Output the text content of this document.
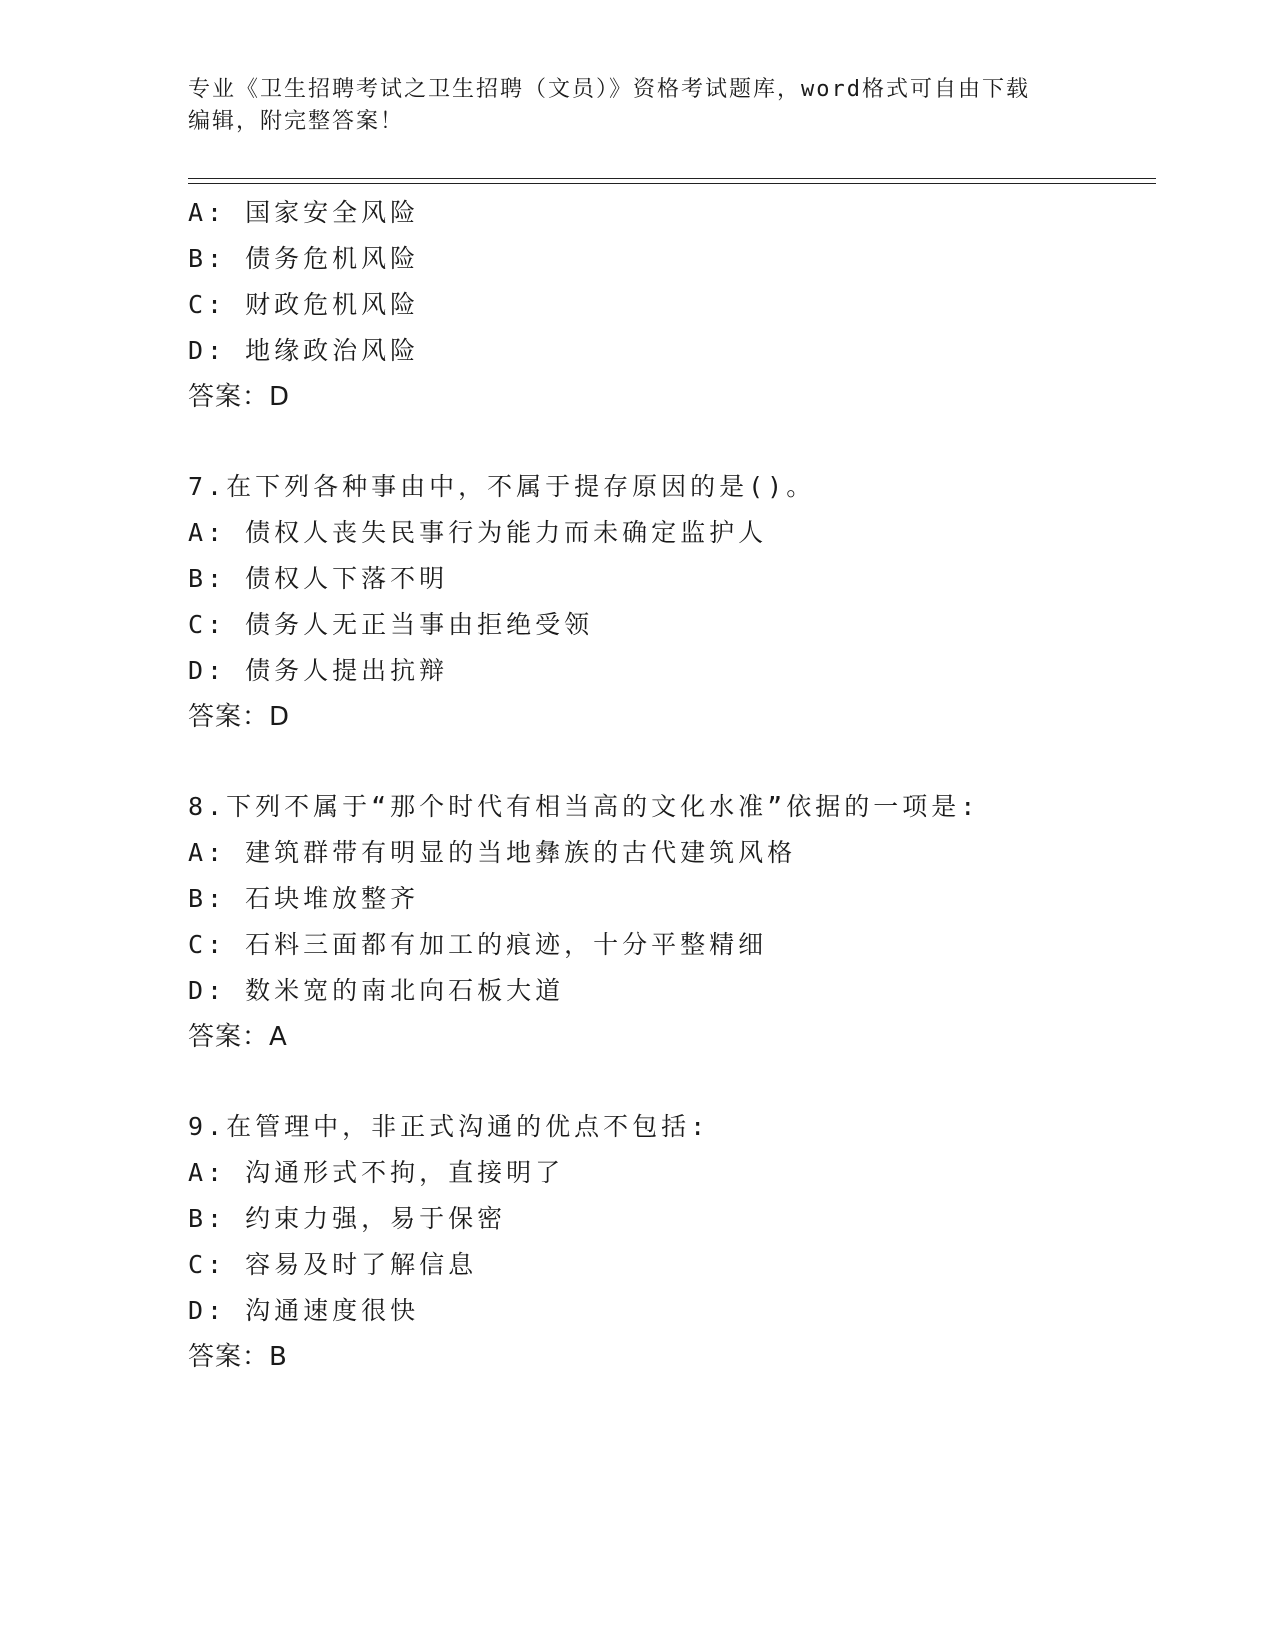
专业《卫生招聘考试之卫生招聘（文员）》资格考试题库，word格式可自由下载
编辑，附完整答案！
A: 国家安全风险
B: 债务危机风险
C: 财政危机风险
D: 地缘政治风险
答案：D
7.在下列各种事由中，不属于提存原因的是()。
A: 债权人丧失民事行为能力而未确定监护人
B: 债权人下落不明
C: 债务人无正当事由拒绝受领
D: 债务人提出抗辩
答案：D
8.下列不属于“那个时代有相当高的文化水准”依据的一项是:
A: 建筑群带有明显的当地彝族的古代建筑风格
B: 石块堆放整齐
C: 石料三面都有加工的痕迹，十分平整精细
D: 数米宽的南北向石板大道
答案：A
9.在管理中，非正式沟通的优点不包括:
A: 沟通形式不拘，直接明了
B: 约束力强，易于保密
C: 容易及时了解信息
D: 沟通速度很快
答案：B
